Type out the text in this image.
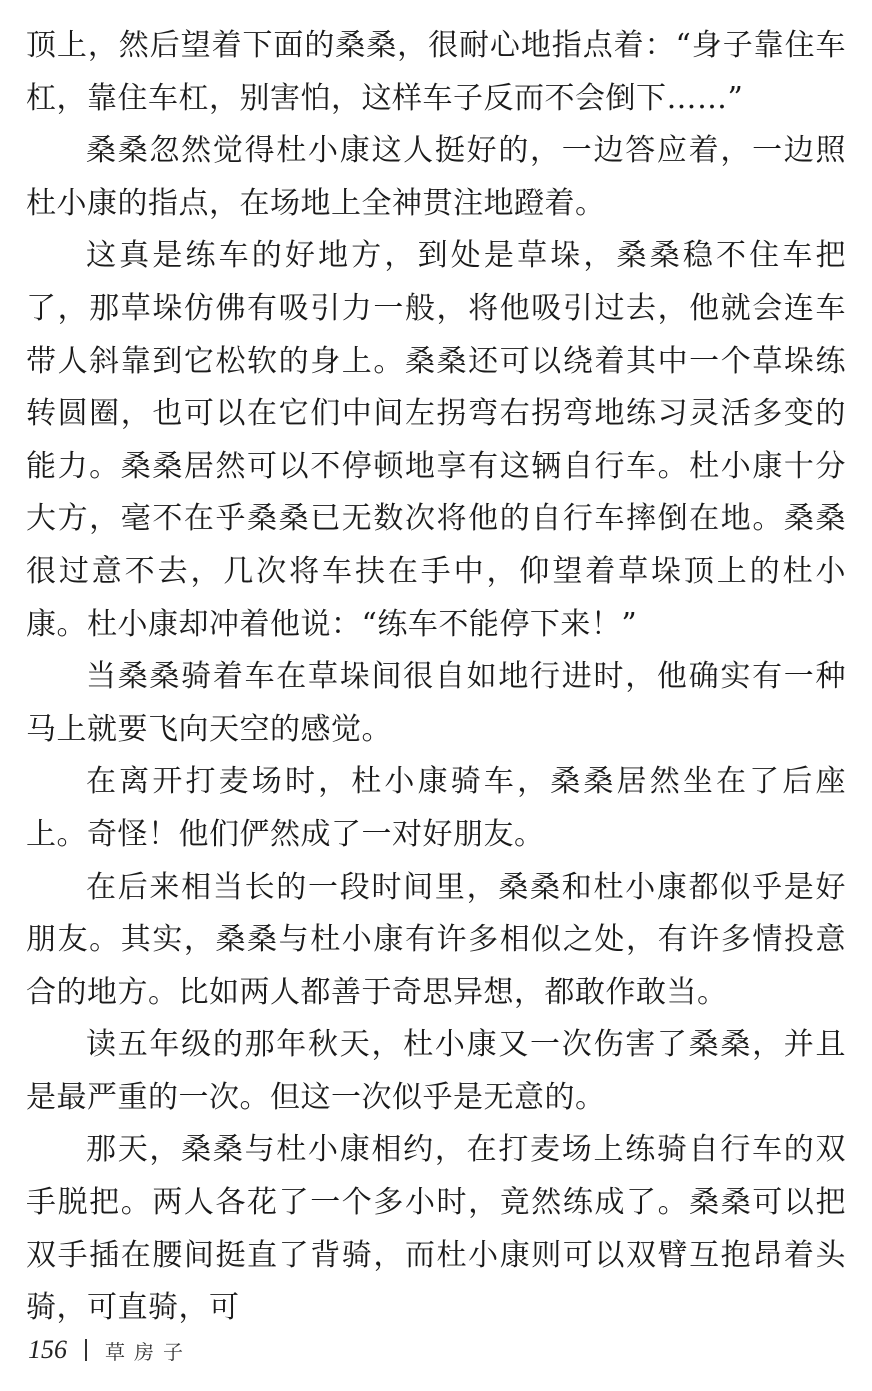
顶上，然后望着下面的桑桑，很耐心地指点着：“身子靠住车杠，靠住车杠，别害怕，这样车子反而不会倒下……”

桑桑忽然觉得杜小康这人挺好的，一边答应着，一边照杜小康的指点，在场地上全神贯注地蹬着。

这真是练车的好地方，到处是草垛，桑桑稳不住车把了，那草垛仿佛有吸引力一般，将他吸引过去，他就会连车带人斜靠到它松软的身上。桑桑还可以绕着其中一个草垛练转圆圈，也可以在它们中间左拐弯右拐弯地练习灵活多变的能力。桑桑居然可以不停顿地享有这辆自行车。杜小康十分大方，毫不在乎桑桑已无数次将他的自行车摔倒在地。桑桑很过意不去，几次将车扶在手中，仰望着草垛顶上的杜小康。杜小康却冲着他说：“练车不能停下来！”

当桑桑骑着车在草垛间很自如地行进时，他确实有一种马上就要飞向天空的感觉。

在离开打麦场时，杜小康骑车，桑桑居然坐在了后座上。奇怪！他们俨然成了一对好朋友。

在后来相当长的一段时间里，桑桑和杜小康都似乎是好朋友。其实，桑桑与杜小康有许多相似之处，有许多情投意合的地方。比如两人都善于奇思异想，都敢作敢当。

读五年级的那年秋天，杜小康又一次伤害了桑桑，并且是最严重的一次。但这一次似乎是无意的。

那天，桑桑与杜小康相约，在打麦场上练骑自行车的双手脱把。两人各花了一个多小时，竟然练成了。桑桑可以把双手插在腰间挺直了背骑，而杜小康则可以双臂互抱昂着头骑，可直骑，可

156 草房子
